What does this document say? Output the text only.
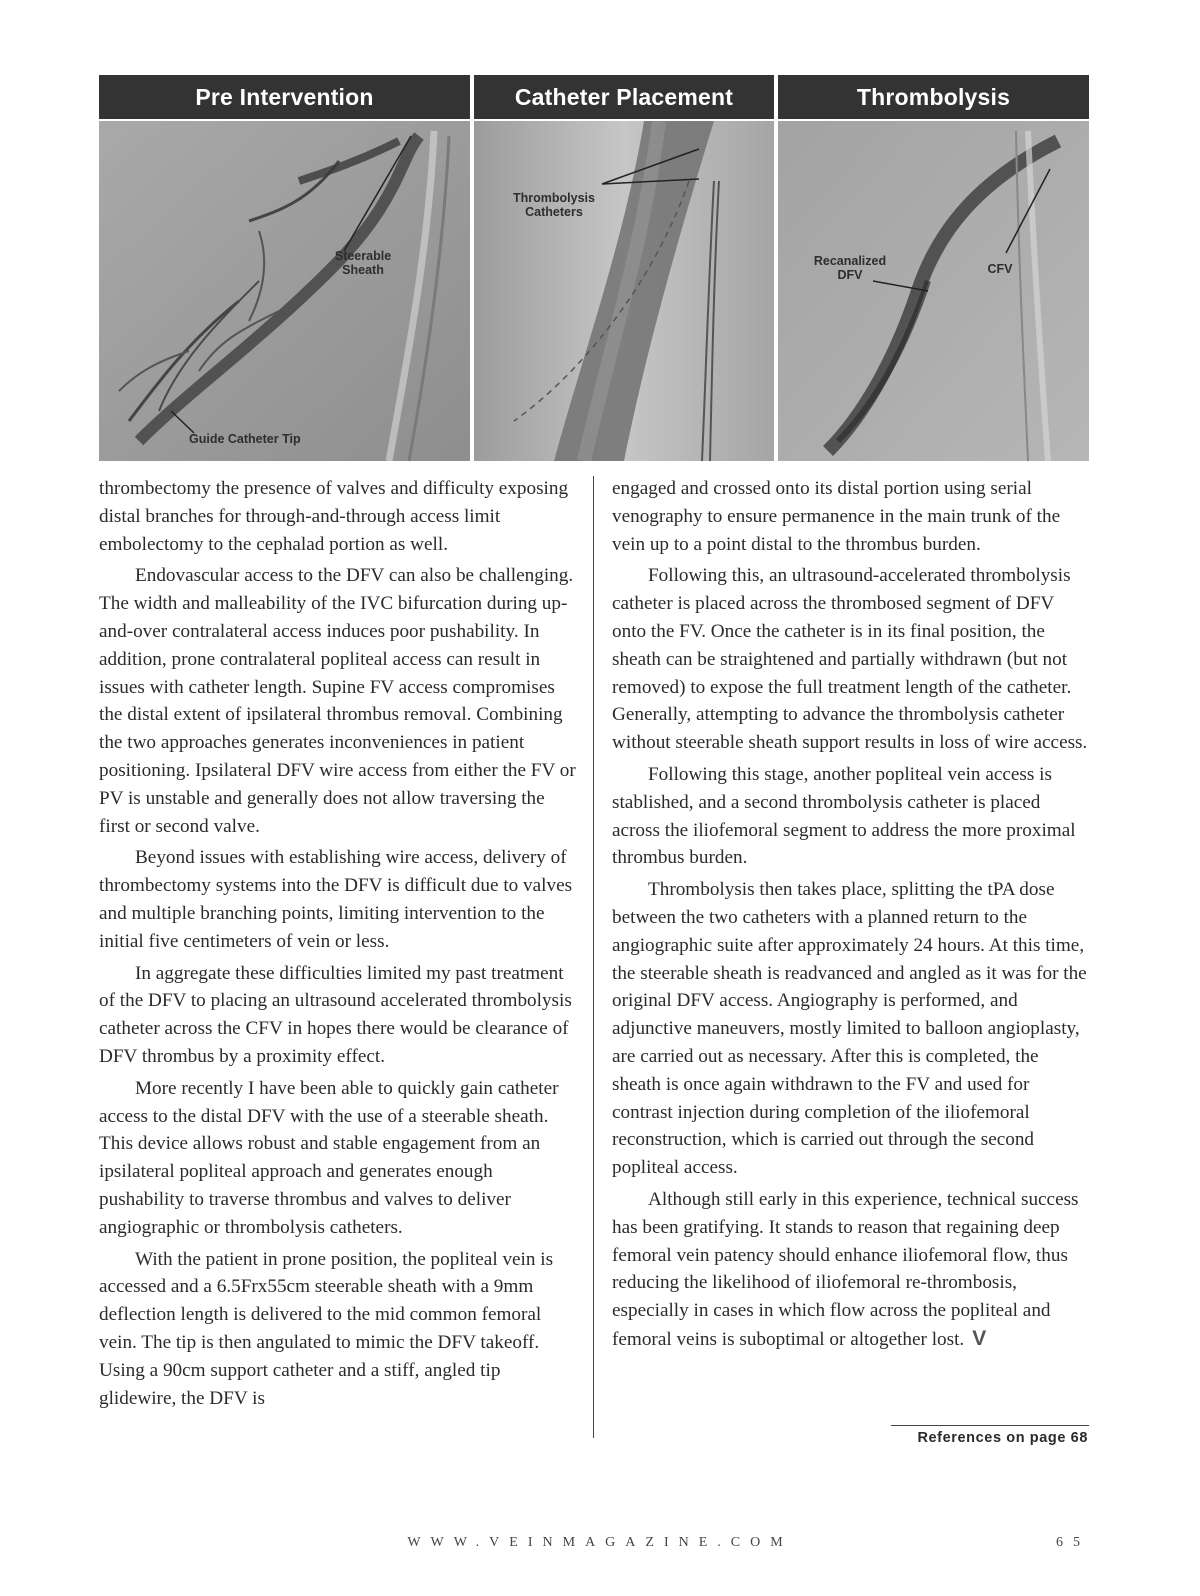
Pre Intervention
Steerable Sheath
Guide Catheter Tip
Catheter Placement
Thrombolysis Catheters
Thrombolysis
Recanalized DFV	CFV

thrombectomy the presence of valves and difficulty exposing distal branches for through-and-through access limit embolectomy to the cephalad portion as well.

Endovascular access to the DFV can also be challenging. The width and malleability of the IVC bifurcation during up-and-over contralateral access induces poor pushability. In addition, prone contralateral popliteal access can result in issues with catheter length. Supine FV access compromises the distal extent of ipsilateral thrombus removal. Combining the two approaches generates inconveniences in patient positioning. Ipsilateral DFV wire access from either the FV or PV is unstable and generally does not allow traversing the first or second valve.

Beyond issues with establishing wire access, delivery of thrombectomy systems into the DFV is difficult due to valves and multiple branching points, limiting intervention to the initial five centimeters of vein or less.

In aggregate these difficulties limited my past treatment of the DFV to placing an ultrasound accelerated thrombolysis catheter across the CFV in hopes there would be clearance of DFV thrombus by a proximity effect.

More recently I have been able to quickly gain catheter access to the distal DFV with the use of a steerable sheath. This device allows robust and stable engagement from an ipsilateral popliteal approach and generates enough pushability to traverse thrombus and valves to deliver angiographic or thrombolysis catheters.

With the patient in prone position, the popliteal vein is accessed and a 6.5Frx55cm steerable sheath with a 9mm deflection length is delivered to the mid common femoral vein. The tip is then angulated to mimic the DFV takeoff. Using a 90cm support catheter and a stiff, angled tip glidewire, the DFV is

engaged and crossed onto its distal portion using serial venography to ensure permanence in the main trunk of the vein up to a point distal to the thrombus burden.

Following this, an ultrasound-accelerated thrombolysis catheter is placed across the thrombosed segment of DFV onto the FV. Once the catheter is in its final position, the sheath can be straightened and partially withdrawn (but not removed) to expose the full treatment length of the catheter. Generally, attempting to advance the thrombolysis catheter without steerable sheath support results in loss of wire access.

Following this stage, another popliteal vein access is stablished, and a second thrombolysis catheter is placed across the iliofemoral segment to address the more proximal thrombus burden.

Thrombolysis then takes place, splitting the tPA dose between the two catheters with a planned return to the angiographic suite after approximately 24 hours. At this time, the steerable sheath is readvanced and angled as it was for the original DFV access. Angiography is performed, and adjunctive maneuvers, mostly limited to balloon angioplasty, are carried out as necessary. After this is completed, the sheath is once again withdrawn to the FV and used for contrast injection during completion of the iliofemoral reconstruction, which is carried out through the second popliteal access.

Although still early in this experience, technical success has been gratifying. It stands to reason that regaining deep femoral vein patency should enhance iliofemoral flow, thus reducing the likelihood of iliofemoral re-thrombosis, especially in cases in which flow across the popliteal and femoral veins is suboptimal or altogether lost. V

References on page 68
WWW.VEINMAGAZINE.COM	65
